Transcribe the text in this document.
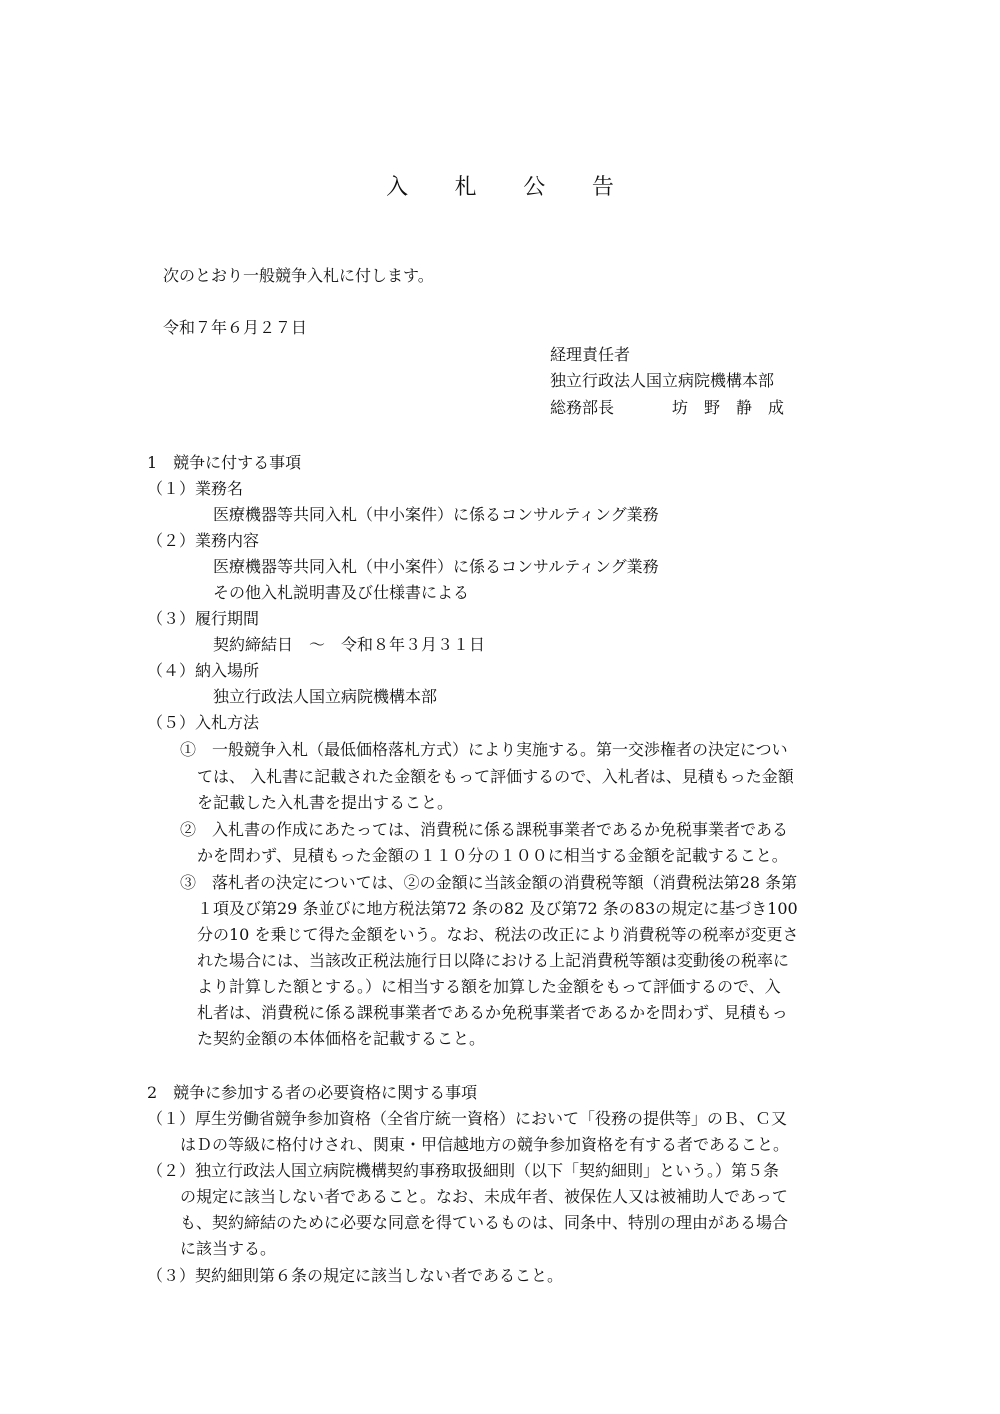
入 札 公 告
次のとおり一般競争入札に付します。
令和７年６月２７日
経理責任者
独立行政法人国立病院機構本部
総務部長	坊　野　静　成
1　競争に付する事項
（１）業務名
医療機器等共同入札（中小案件）に係るコンサルティング業務
（２）業務内容
医療機器等共同入札（中小案件）に係るコンサルティング業務
その他入札説明書及び仕様書による
（３）履行期間
契約締結日　～　令和８年３月３１日
（４）納入場所
独立行政法人国立病院機構本部
（５）入札方法
①　一般競争入札（最低価格落札方式）により実施する。第一交渉権者の決定につい
ては、 入札書に記載された金額をもって評価するので、入札者は、見積もった金額
を記載した入札書を提出すること。
②　入札書の作成にあたっては、消費税に係る課税事業者であるか免税事業者である
かを問わず、見積もった金額の１１０分の１００に相当する金額を記載すること。
③　落札者の決定については、②の金額に当該金額の消費税等額（消費税法第28 条第
１項及び第29 条並びに地方税法第72 条の82 及び第72 条の83の規定に基づき100
分の10 を乗じて得た金額をいう。なお、税法の改正により消費税等の税率が変更さ
れた場合には、当該改正税法施行日以降における上記消費税等額は変動後の税率に
より計算した額とする。）に相当する額を加算した金額をもって評価するので、入
札者は、消費税に係る課税事業者であるか免税事業者であるかを問わず、見積もっ
た契約金額の本体価格を記載すること。
2　競争に参加する者の必要資格に関する事項
（１）厚生労働省競争参加資格（全省庁統一資格）において「役務の提供等」のＢ、Ｃ又
はＤの等級に格付けされ、関東・甲信越地方の競争参加資格を有する者であること。
（２）独立行政法人国立病院機構契約事務取扱細則（以下「契約細則」という。）第５条
の規定に該当しない者であること。なお、未成年者、被保佐人又は被補助人であって
も、契約締結のために必要な同意を得ているものは、同条中、特別の理由がある場合
に該当する。
（３）契約細則第６条の規定に該当しない者であること。
